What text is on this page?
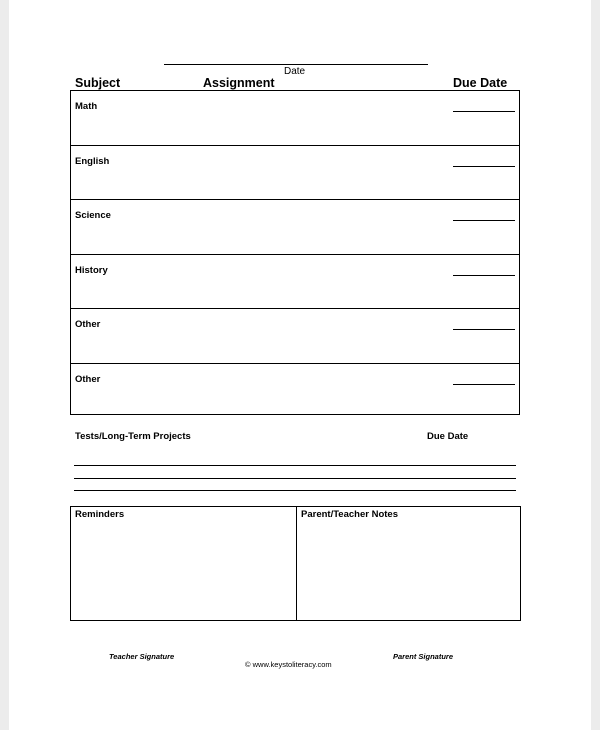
Date
Subject	Assignment	Due Date
Math
English
Science
History
Other
Other
Tests/Long-Term Projects	Due Date
Reminders	Parent/Teacher Notes
Teacher Signature	Parent Signature
© www.keystoliteracy.com
